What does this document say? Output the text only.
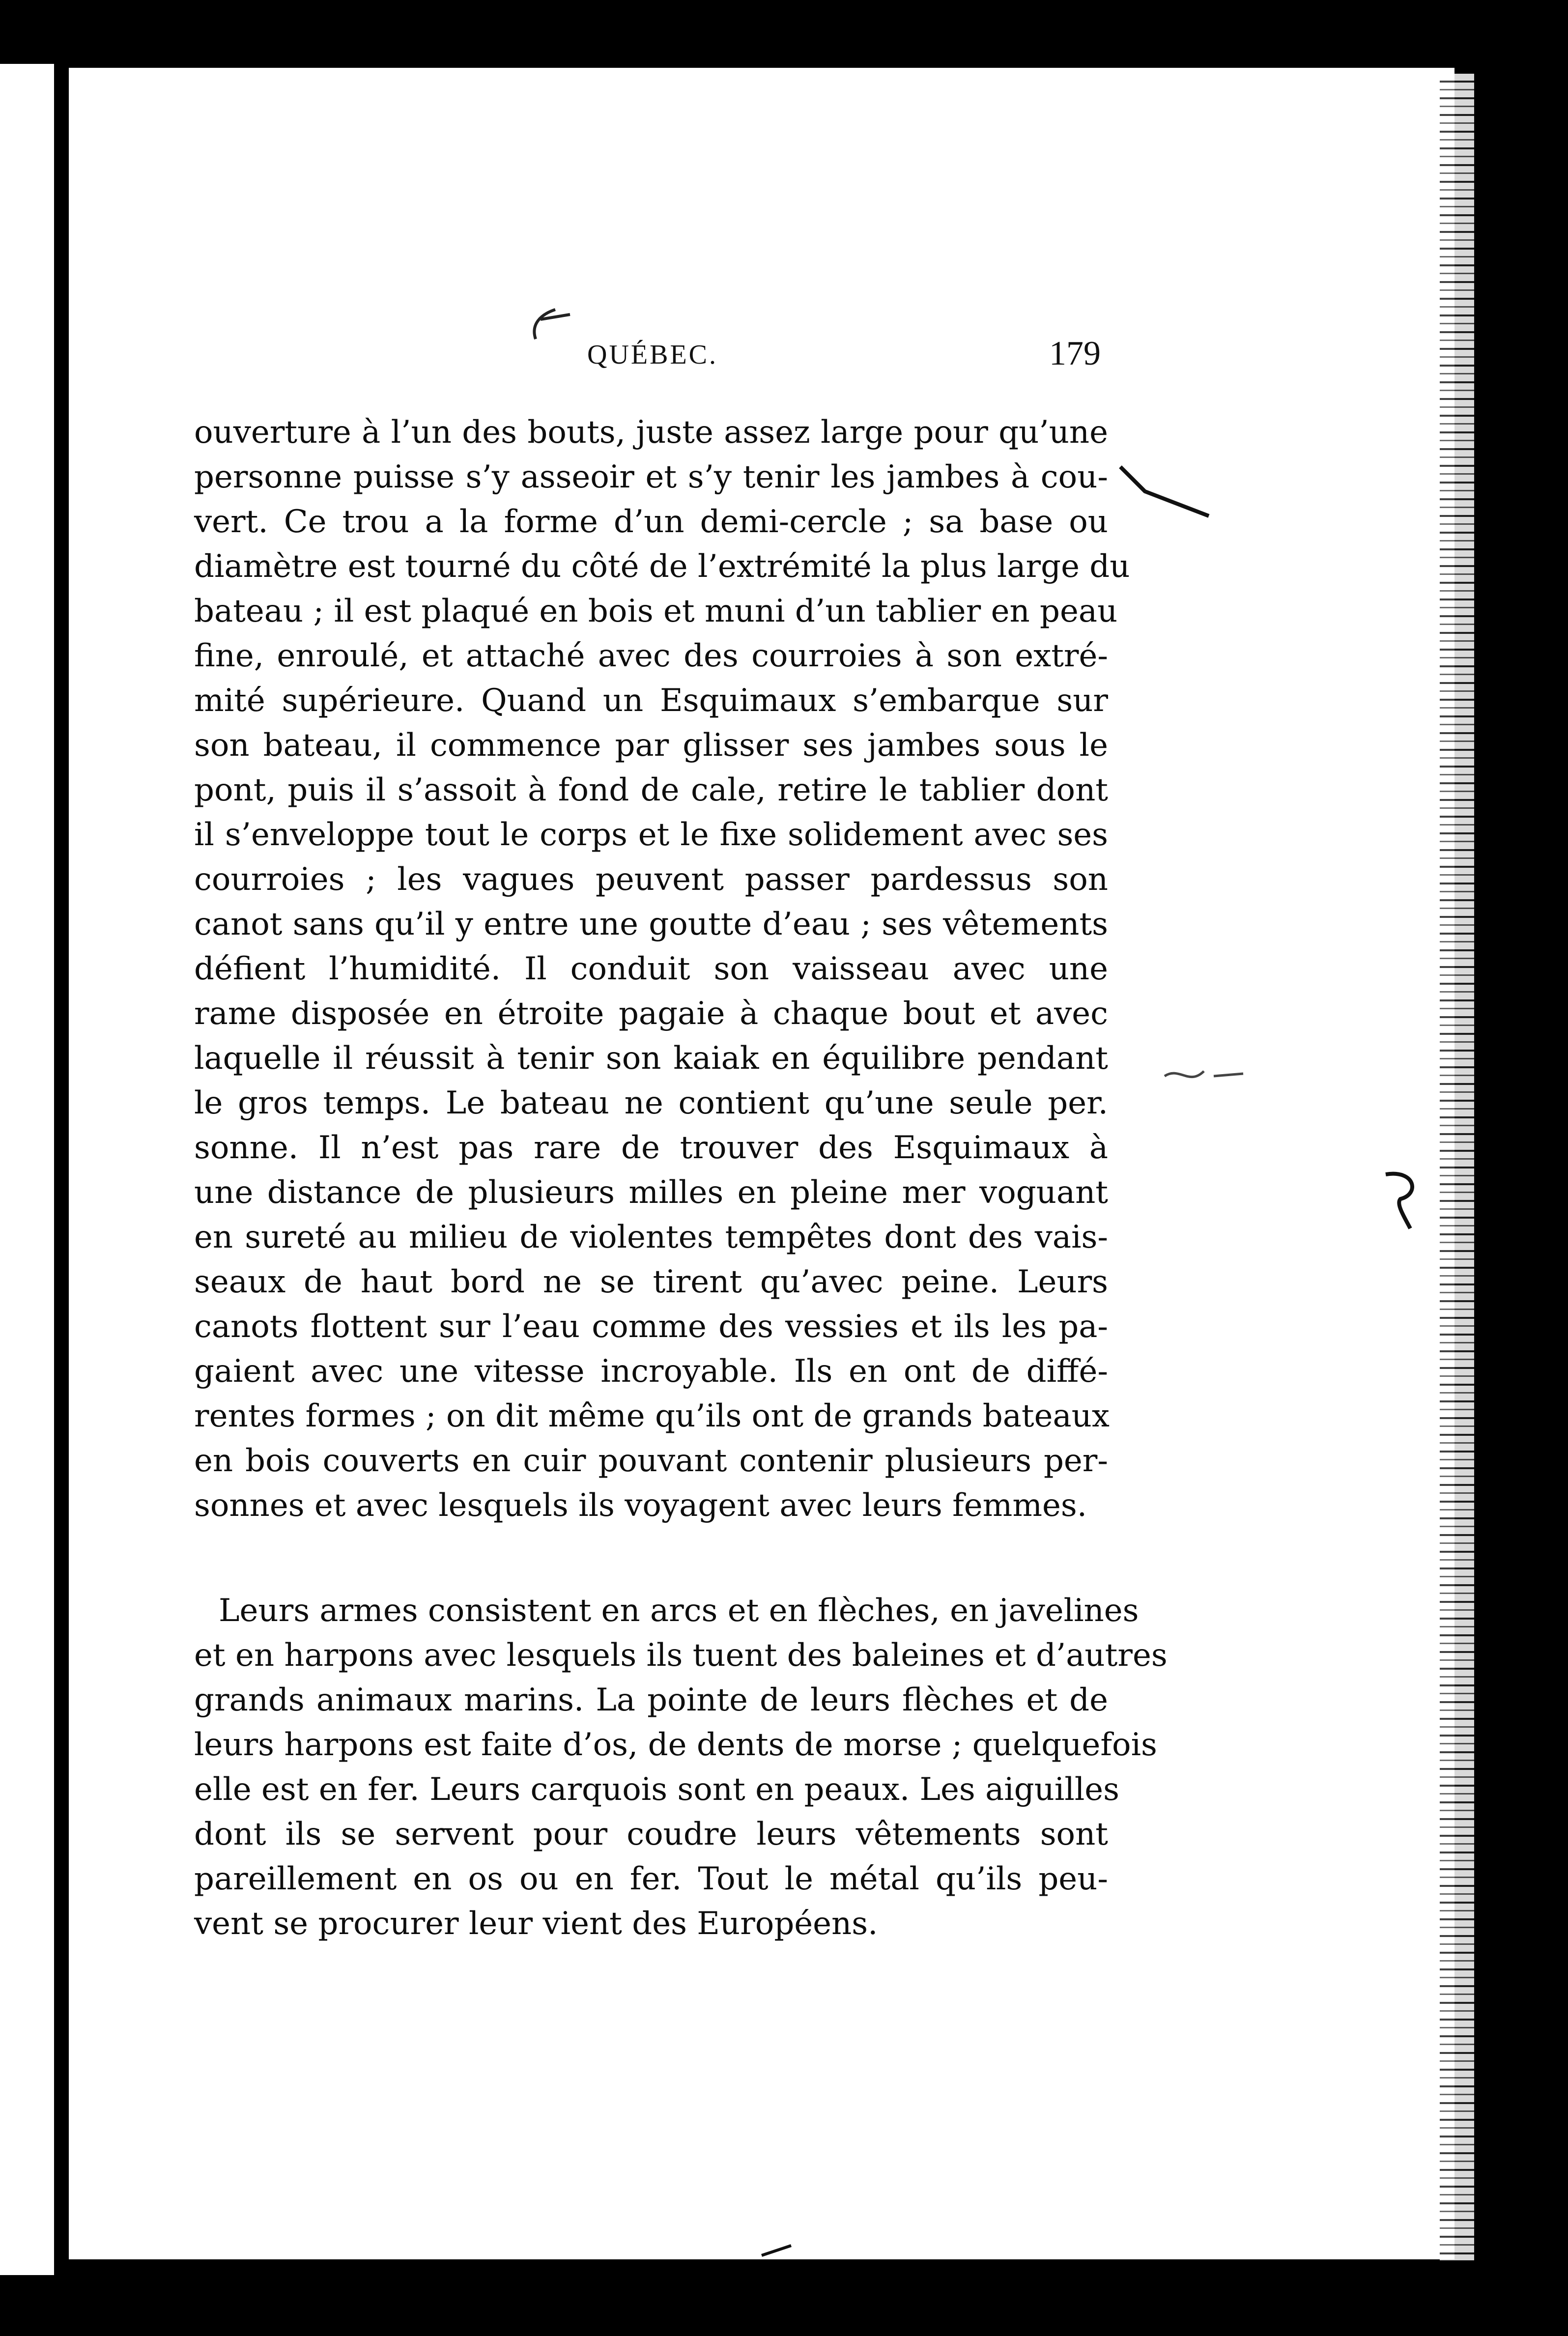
QUÉBEC.	179
ouverture à l’un des bouts, juste assez large pour qu’une
personne puisse s’y asseoir et s’y tenir les jambes à cou-
vert. Ce trou a la forme d’un demi-cercle ; sa base ou
diamètre est tourné du côté de l’extrémité la plus large du
bateau ; il est plaqué en bois et muni d’un tablier en peau
fine, enroulé, et attaché avec des courroies à son extré-
mité supérieure. Quand un Esquimaux s’embarque sur
son bateau, il commence par glisser ses jambes sous le
pont, puis il s’assoit à fond de cale, retire le tablier dont
il s’enveloppe tout le corps et le fixe solidement avec ses
courroies ; les vagues peuvent passer pardessus son
canot sans qu’il y entre une goutte d’eau ; ses vêtements
défient l’humidité. Il conduit son vaisseau avec une
rame disposée en étroite pagaie à chaque bout et avec
laquelle il réussit à tenir son kaiak en équilibre pendant
le gros temps. Le bateau ne contient qu’une seule per.
sonne. Il n’est pas rare de trouver des Esquimaux à
une distance de plusieurs milles en pleine mer voguant
en sureté au milieu de violentes tempêtes dont des vais-
seaux de haut bord ne se tirent qu’avec peine. Leurs
canots flottent sur l’eau comme des vessies et ils les pa-
gaient avec une vitesse incroyable. Ils en ont de diffé-
rentes formes ; on dit même qu’ils ont de grands bateaux
en bois couverts en cuir pouvant contenir plusieurs per-
sonnes et avec lesquels ils voyagent avec leurs femmes.
Leurs armes consistent en arcs et en flèches, en javelines
et en harpons avec lesquels ils tuent des baleines et d’autres
grands animaux marins. La pointe de leurs flèches et de
leurs harpons est faite d’os, de dents de morse ; quelquefois
elle est en fer. Leurs carquois sont en peaux. Les aiguilles
dont ils se servent pour coudre leurs vêtements sont
pareillement en os ou en fer. Tout le métal qu’ils peu-
vent se procurer leur vient des Européens.
